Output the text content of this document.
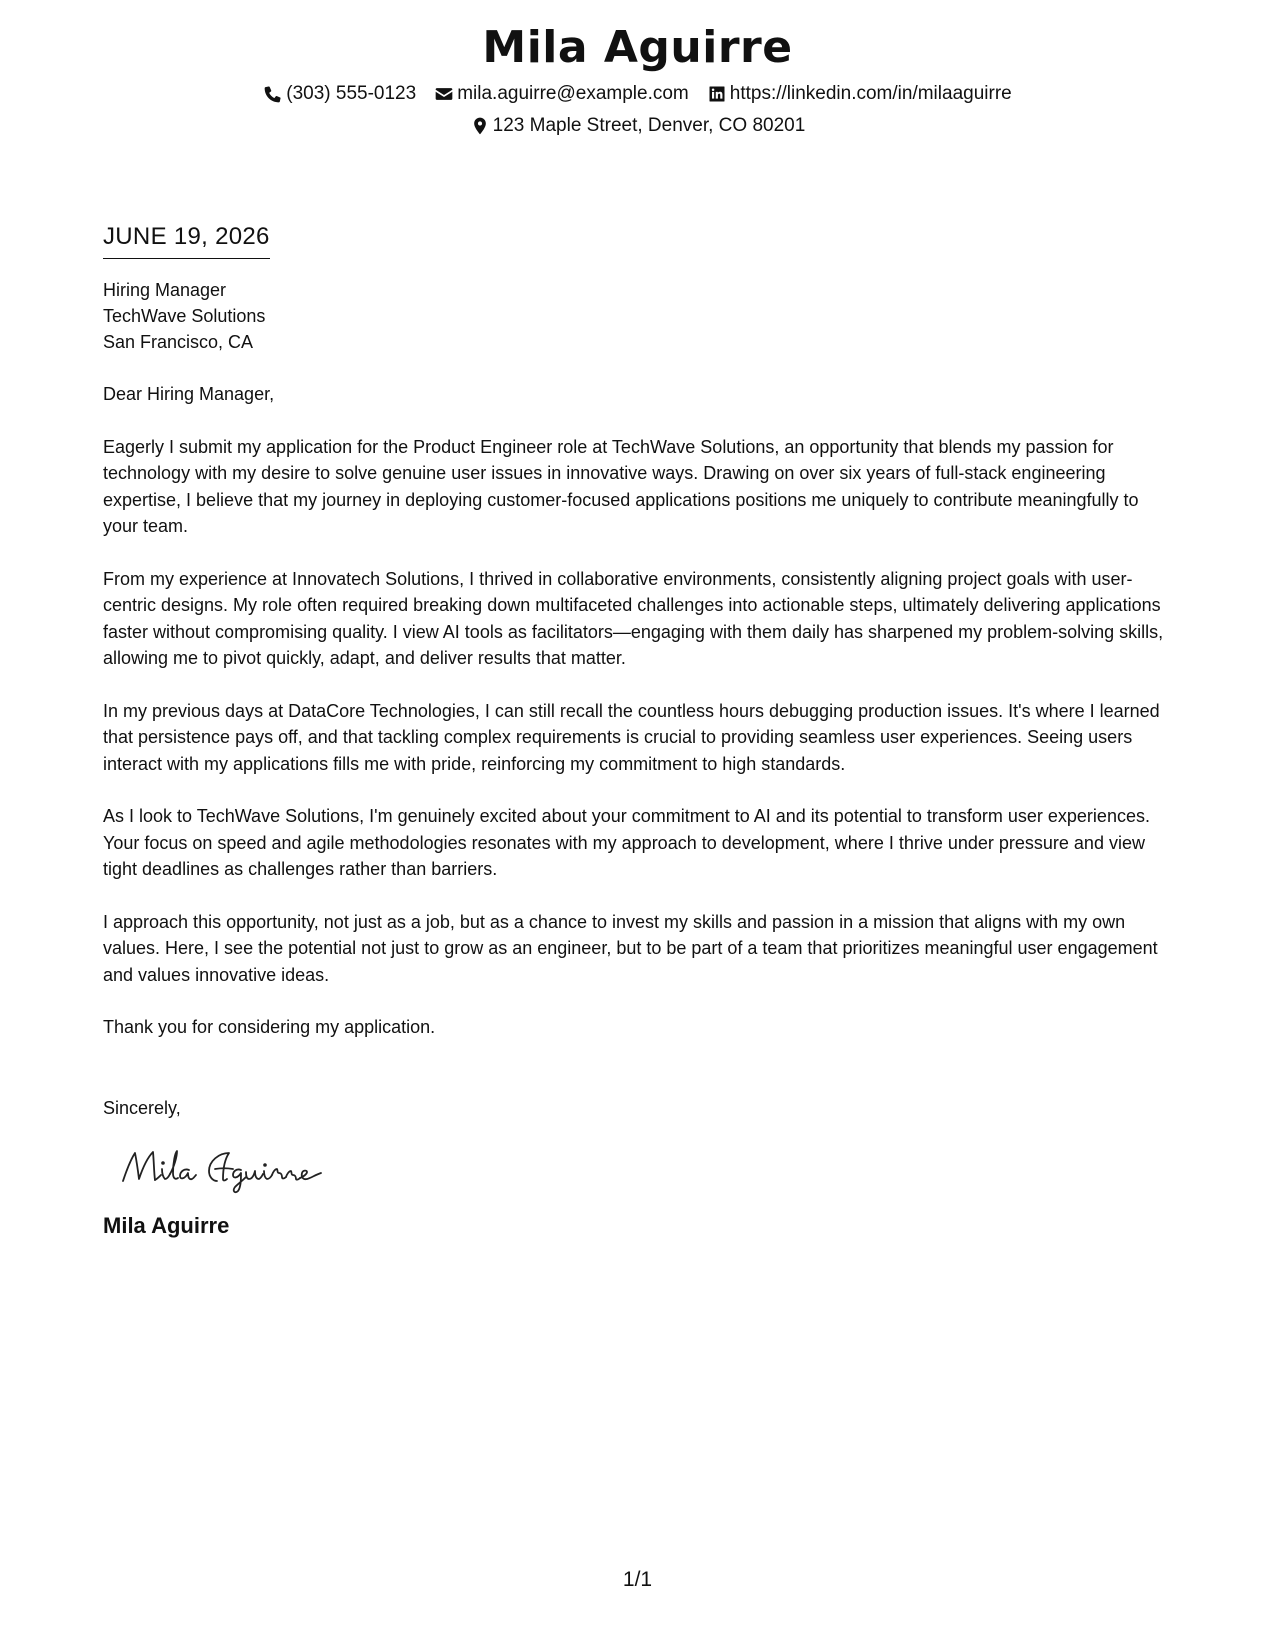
Mila Aguirre
(303) 555-0123 mila.aguirre@example.com https://linkedin.com/in/milaaguirre
123 Maple Street, Denver, CO 80201
JUNE 19, 2026
Hiring Manager
TechWave Solutions
San Francisco, CA
Dear Hiring Manager,

Eagerly I submit my application for the Product Engineer role at TechWave Solutions, an opportunity that blends my passion for technology with my desire to solve genuine user issues in innovative ways. Drawing on over six years of full-stack engineering expertise, I believe that my journey in deploying customer-focused applications positions me uniquely to contribute meaningfully to your team.

From my experience at Innovatech Solutions, I thrived in collaborative environments, consistently aligning project goals with user-centric designs. My role often required breaking down multifaceted challenges into actionable steps, ultimately delivering applications faster without compromising quality. I view AI tools as facilitators—engaging with them daily has sharpened my problem-solving skills, allowing me to pivot quickly, adapt, and deliver results that matter.

In my previous days at DataCore Technologies, I can still recall the countless hours debugging production issues. It's where I learned that persistence pays off, and that tackling complex requirements is crucial to providing seamless user experiences. Seeing users interact with my applications fills me with pride, reinforcing my commitment to high standards.

As I look to TechWave Solutions, I'm genuinely excited about your commitment to AI and its potential to transform user experiences. Your focus on speed and agile methodologies resonates with my approach to development, where I thrive under pressure and view tight deadlines as challenges rather than barriers.

I approach this opportunity, not just as a job, but as a chance to invest my skills and passion in a mission that aligns with my own values. Here, I see the potential not just to grow as an engineer, but to be part of a team that prioritizes meaningful user engagement and values innovative ideas.

Thank you for considering my application.
Sincerely,
Mila Aguirre
1/1
